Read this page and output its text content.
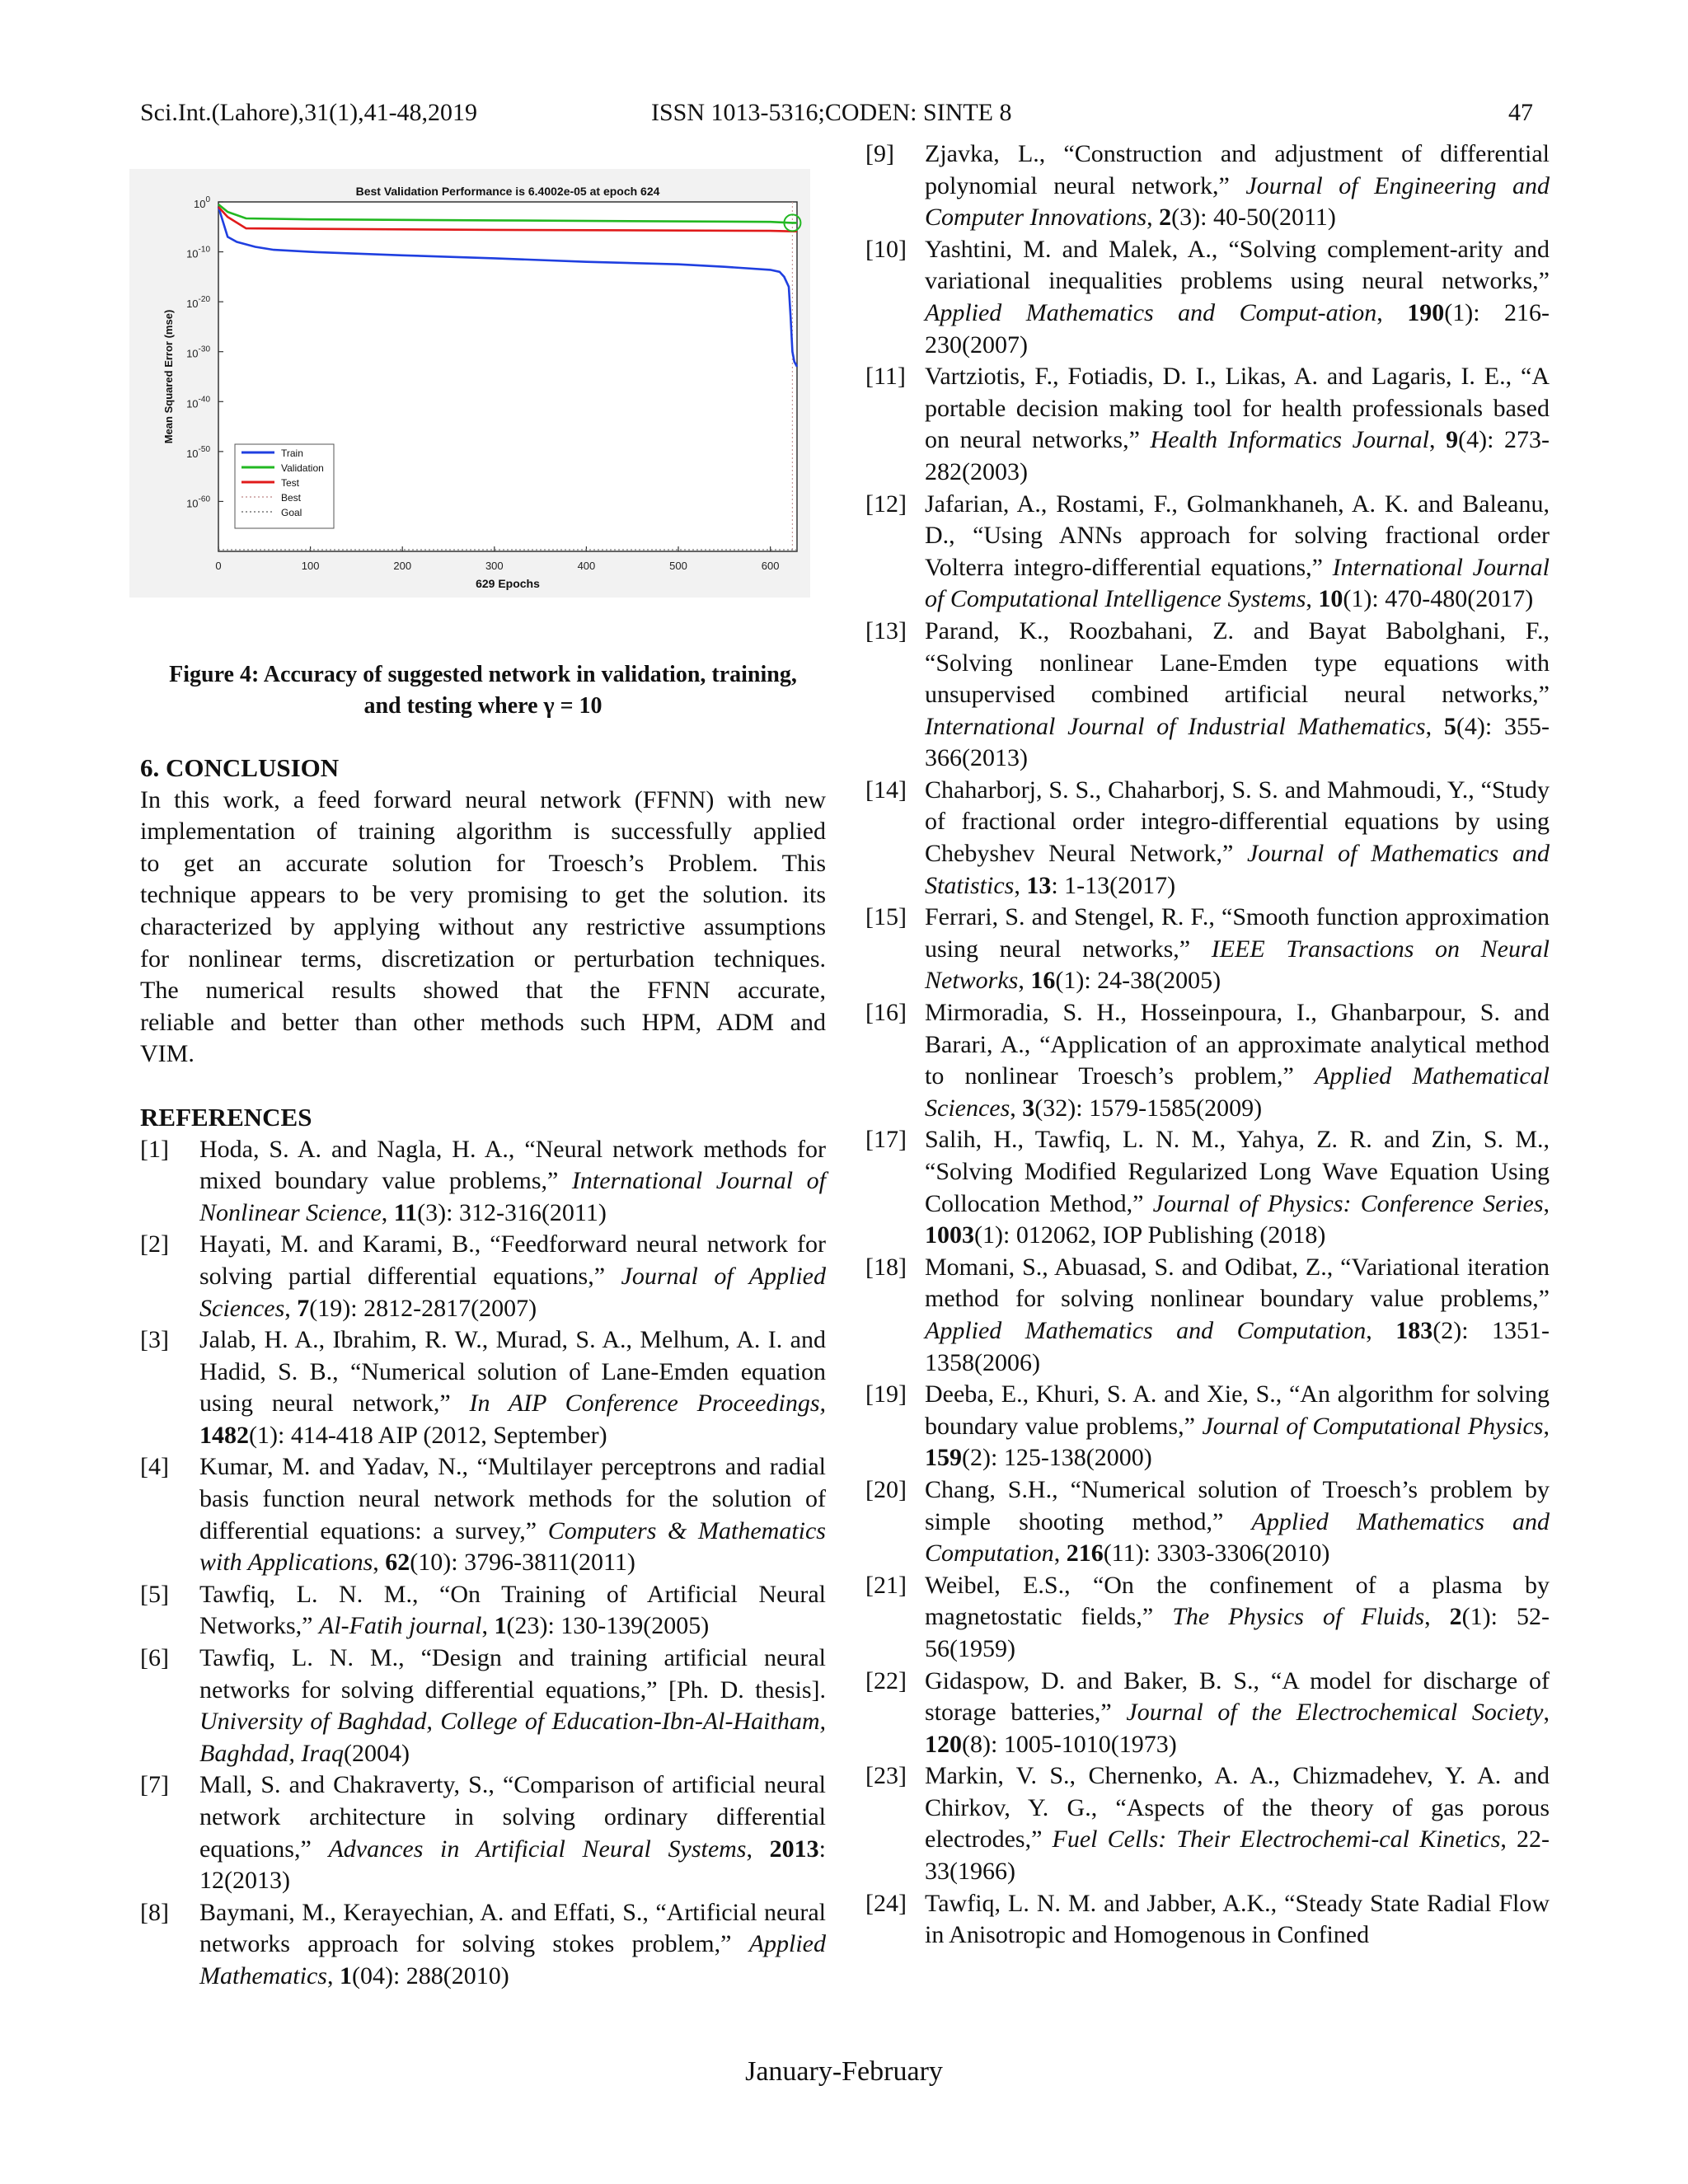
Sci.Int.(Lahore),31(1),41-48,2019	ISSN 1013-5316;CODEN: SINTE 8	47
$10^0$
$10^{-10}$
$10^{-20}$
$10^{-30}$
$10^{-40}$
$10^{-50}$
$10^{-60}$
0	100	200	300	400	500	600
Best Validation Performance is 6.4002e-05 at epoch 624
629 Epochs
Mean Squared Error (mse)
Train
Validation
Test
Best
Goal
Figure 4: Accuracy of suggested network in validation, training,
and testing where γ = 10
6. CONCLUSION
In this work, a feed forward neural network (FFNN) with new
implementation of training algorithm is successfully applied
to get an accurate solution for Troesch’s Problem. This
technique appears to be very promising to get the solution. its
characterized by applying without any restrictive assumptions
for nonlinear terms, discretization or perturbation techniques.
The numerical results showed that the FFNN accurate,
reliable and better than other methods such HPM, ADM and
VIM.
REFERENCES
[1]	Hoda, S. A. and Nagla, H. A., “Neural network methods for mixed boundary value problems,” International Journal of Nonlinear Science, 11(3): 312-316(2011)
[2]	Hayati, M. and Karami, B., “Feedforward neural network for solving partial differential equations,” Journal of Applied Sciences, 7(19): 2812-2817(2007)
[3]	Jalab, H. A., Ibrahim, R. W., Murad, S. A., Melhum, A. I. and Hadid, S. B., “Numerical solution of Lane-Emden equation using neural network,” In AIP Conference Proceedings, 1482(1): 414-418 AIP (2012, September)
[4]	Kumar, M. and Yadav, N., “Multilayer perceptrons and radial basis function neural network methods for the solution of differential equations: a survey,” Computers & Mathematics with Applications, 62(10): 3796-3811(2011)
[5]	Tawfiq, L. N. M., “On Training of Artificial Neural Networks,” Al-Fatih journal, 1(23): 130-139(2005)
[6]	Tawfiq, L. N. M., “Design and training artificial neural networks for solving differential equations,” [Ph. D. thesis]. University of Baghdad, College of Education-Ibn-Al-Haitham, Baghdad, Iraq(2004)
[7]	Mall, S. and Chakraverty, S., “Comparison of artificial neural network architecture in solving ordinary differential equations,” Advances in Artificial Neural Systems, 2013: 12(2013)
[8]	Baymani, M., Kerayechian, A. and Effati, S., “Artificial neural networks approach for solving stokes problem,” Applied Mathematics, 1(04): 288(2010)
[9]	Zjavka, L., “Construction and adjustment of differential polynomial neural network,” Journal of Engineering and Computer Innovations, 2(3): 40-50(2011)
[10] Yashtini, M. and Malek, A., “Solving complement-arity and variational inequalities problems using neural networks,” Applied Mathematics and Comput-ation, 190(1): 216-230(2007)
[11] Vartziotis, F., Fotiadis, D. I., Likas, A. and Lagaris, I. E., “A portable decision making tool for health professionals based on neural networks,” Health Informatics Journal, 9(4): 273-282(2003)
[12] Jafarian, A., Rostami, F., Golmankhaneh, A. K. and Baleanu, D., “Using ANNs approach for solving fractional order Volterra integro-differential equations,” International Journal of Computational Intelligence Systems, 10(1): 470-480(2017)
[13] Parand, K., Roozbahani, Z. and Bayat Babolghani, F., “Solving nonlinear Lane-Emden type equations with unsupervised combined artificial neural networks,” International Journal of Industrial Mathematics, 5(4): 355-366(2013)
[14] Chaharborj, S. S., Chaharborj, S. S. and Mahmoudi, Y., “Study of fractional order integro-differential equations by using Chebyshev Neural Network,” Journal of Mathematics and Statistics, 13: 1-13(2017)
[15] Ferrari, S. and Stengel, R. F., “Smooth function approximation using neural networks,” IEEE Transactions on Neural Networks, 16(1): 24-38(2005)
[16] Mirmoradia, S. H., Hosseinpoura, I., Ghanbarpour, S. and Barari, A., “Application of an approximate analytical method to nonlinear Troesch’s problem,” Applied Mathematical Sciences, 3(32): 1579-1585(2009)
[17] Salih, H., Tawfiq, L. N. M., Yahya, Z. R. and Zin, S. M., “Solving Modified Regularized Long Wave Equation Using Collocation Method,” Journal of Physics: Conference Series, 1003(1): 012062, IOP Publishing (2018)
[18] Momani, S., Abuasad, S. and Odibat, Z., “Variational iteration method for solving nonlinear boundary value problems,” Applied Mathematics and Computation, 183(2): 1351-1358(2006)
[19] Deeba, E., Khuri, S. A. and Xie, S., “An algorithm for solving boundary value problems,” Journal of Computational Physics, 159(2): 125-138(2000)
[20] Chang, S.H., “Numerical solution of Troesch’s problem by simple shooting method,” Applied Mathematics and Computation, 216(11): 3303-3306(2010)
[21] Weibel, E.S., “On the confinement of a plasma by magnetostatic fields,” The Physics of Fluids, 2(1): 52-56(1959)
[22] Gidaspow, D. and Baker, B. S., “A model for discharge of storage batteries,” Journal of the Electrochemical Society, 120(8): 1005-1010(1973)
[23] Markin, V. S., Chernenko, A. A., Chizmadehev, Y. A. and Chirkov, Y. G., “Aspects of the theory of gas porous electrodes,” Fuel Cells: Their Electrochemi-cal Kinetics, 22-33(1966)
[24] Tawfiq, L. N. M. and Jabber, A.K., “Steady State Radial Flow in Anisotropic and Homogenous in Confined
January-February
